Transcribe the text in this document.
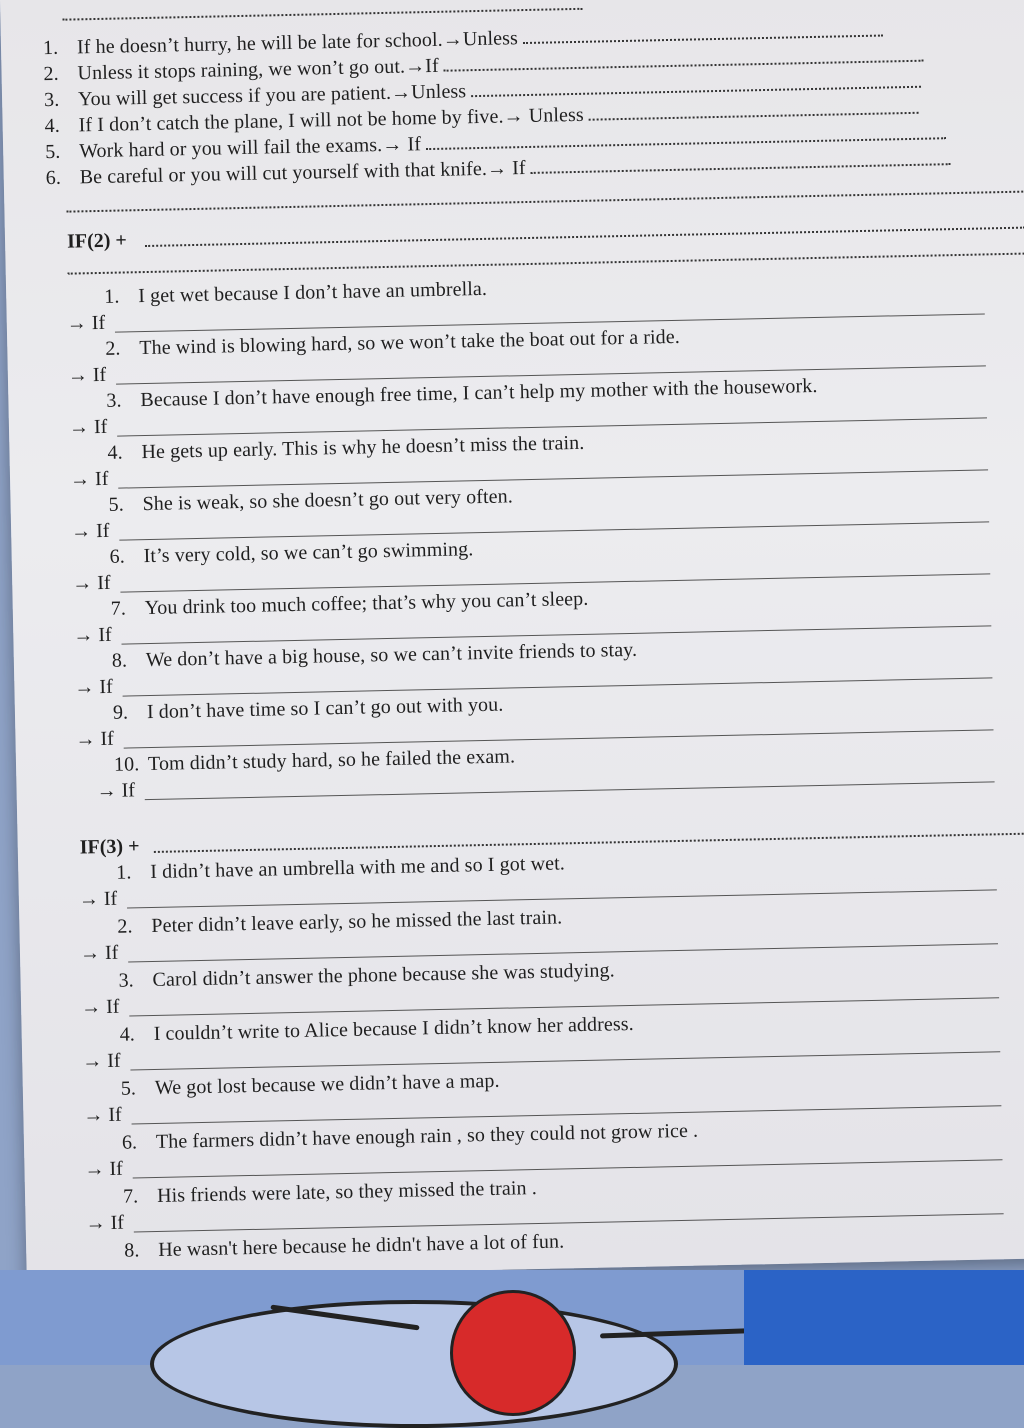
1. If he doesn’t hurry, he will be late for school.→Unless
2. Unless it stops raining, we won’t go out.→If
3. You will get success if you are patient.→Unless
4. If I don’t catch the plane, I will not be home by five.→ Unless
5. Work hard or you will fail the exams.→ If
6. Be careful or you will cut yourself with that knife.→ If
IF(2) +
1. I get wet because I don’t have an umbrella.
→ If
2. The wind is blowing hard, so we won’t take the boat out for a ride.
→ If
3. Because I don’t have enough free time, I can’t help my mother with the housework.
→ If
4. He gets up early. This is why he doesn’t miss the train.
→ If
5. She is weak, so she doesn’t go out very often.
→ If
6. It’s very cold, so we can’t go swimming.
→ If
7. You drink too much coffee; that’s why you can’t sleep.
→ If
8. We don’t have a big house, so we can’t invite friends to stay.
→ If
9. I don’t have time so I can’t go out with you.
→ If
10. Tom didn’t study hard, so he failed the exam.
→ If
IF(3) +
1. I didn’t have an umbrella with me and so I got wet.
→ If
2. Peter didn’t leave early, so he missed the last train.
→ If
3. Carol didn’t answer the phone because she was studying.
→ If
4. I couldn’t write to Alice because I didn’t know her address.
→ If
5. We got lost because we didn’t have a map.
→ If
6. The farmers didn’t have enough rain , so they could not grow rice .
→ If
7. His friends were late, so they missed the train .
→ If
8. He wasn't here because he didn't have a lot of fun.
